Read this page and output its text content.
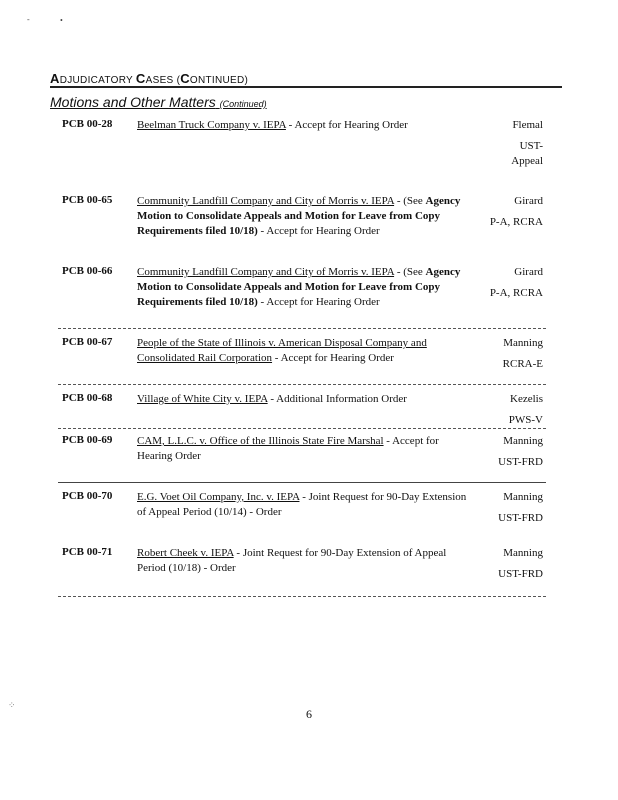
-	•
ADJUDICATORY CASES (CONTINUED)
Motions and Other Matters (Continued)
PCB 00-28 Beelman Truck Company v. IEPA - Accept for Hearing Order	Flemal
UST-Appeal
PCB 00-65 Community Landfill Company and City of Morris v. IEPA - (See Agency Motion to Consolidate Appeals and Motion for Leave from Copy Requirements filed 10/18) - Accept for Hearing Order
Girard
P-A, RCRA
PCB 00-66 Community Landfill Company and City of Morris v. IEPA - (See Agency Motion to Consolidate Appeals and Motion for Leave from Copy Requirements filed 10/18) - Accept for Hearing Order
Girard
P-A, RCRA
PCB 00-67 People of the State of Illinois v. American Disposal Company and Consolidated Rail Corporation - Accept for Hearing Order
Manning
RCRA-E
PCB 00-68 Village of White City v. IEPA - Additional Information Order	Kezelis
PWS-V
PCB 00-69 CAM, L.L.C. v. Office of the Illinois State Fire Marshal - Accept for Hearing Order
Manning
UST-FRD
PCB 00-70 E.G. Voet Oil Company, Inc. v. IEPA - Joint Request for 90-Day Extension of Appeal Period (10/14) - Order
Manning
UST-FRD
PCB 00-71 Robert Cheek v. IEPA - Joint Request for 90-Day Extension of Appeal Period (10/18) - Order
Manning
UST-FRD
⁘
6
